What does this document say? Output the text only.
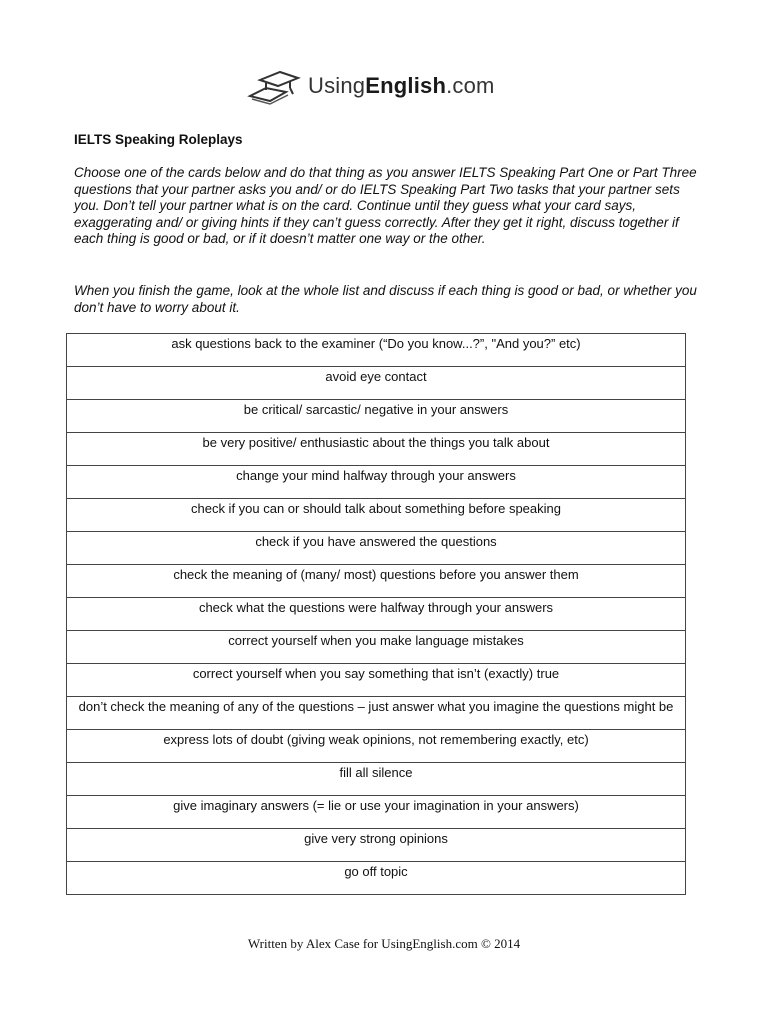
UsingEnglish.com
IELTS Speaking Roleplays
Choose one of the cards below and do that thing as you answer IELTS Speaking Part One or Part Three questions that your partner asks you and/ or do IELTS Speaking Part Two tasks that your partner sets you. Don’t tell your partner what is on the card. Continue until they guess what your card says, exaggerating and/ or giving hints if they can’t guess correctly. After they get it right, discuss together if each thing is good or bad, or if it doesn’t matter one way or the other.
When you finish the game, look at the whole list and discuss if each thing is good or bad, or whether you don’t have to worry about it.
ask questions back to the examiner (“Do you know...?”, "And you?” etc)
avoid eye contact
be critical/ sarcastic/ negative in your answers
be very positive/ enthusiastic about the things you talk about
change your mind halfway through your answers
check if you can or should talk about something before speaking
check if you have answered the questions
check the meaning of (many/ most) questions before you answer them
check what the questions were halfway through your answers
correct yourself when you make language mistakes
correct yourself when you say something that isn’t (exactly) true
don’t check the meaning of any of the questions – just answer what you imagine the questions might be
express lots of doubt (giving weak opinions, not remembering exactly, etc)
fill all silence
give imaginary answers (= lie or use your imagination in your answers)
give very strong opinions
go off topic
Written by Alex Case for UsingEnglish.com © 2014
